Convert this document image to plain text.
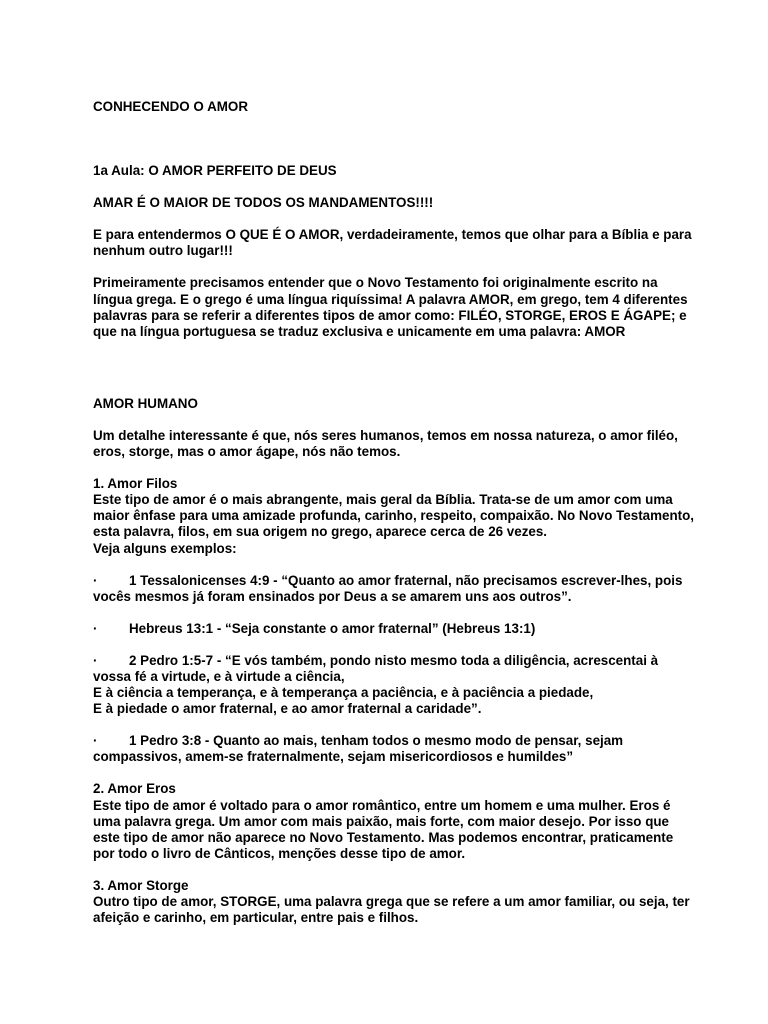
CONHECENDO O AMOR

1a Aula: O AMOR PERFEITO DE DEUS

AMAR É O MAIOR DE TODOS OS MANDAMENTOS!!!!

E para entendermos O QUE É O AMOR, verdadeiramente, temos que olhar para a Bíblia e para

nenhum outro lugar!!!

Primeiramente precisamos entender que o Novo Testamento foi originalmente escrito na

língua grega. E o grego é uma língua riquíssima! A palavra AMOR, em grego, tem 4 diferentes

palavras para se referir a diferentes tipos de amor como: FILÉO, STORGE, EROS E ÁGAPE; e

que na língua portuguesa se traduz exclusiva e unicamente em uma palavra: AMOR

AMOR HUMANO

Um detalhe interessante é que, nós seres humanos, temos em nossa natureza, o amor filéo,

eros, storge, mas o amor ágape, nós não temos.

1. Amor Filos

Este tipo de amor é o mais abrangente, mais geral da Bíblia. Trata-se de um amor com uma

maior ênfase para uma amizade profunda, carinho, respeito, compaixão. No Novo Testamento,

esta palavra, filos, em sua origem no grego, aparece cerca de 26 vezes.

Veja alguns exemplos:

· 1 Tessalonicenses 4:9 - “Quanto ao amor fraternal, não precisamos escrever-lhes, pois

vocês mesmos já foram ensinados por Deus a se amarem uns aos outros”.

· Hebreus 13:1 - “Seja constante o amor fraternal” (Hebreus 13:1)

· 2 Pedro 1:5-7 - “E vós também, pondo nisto mesmo toda a diligência, acrescentai à

vossa fé a virtude, e à virtude a ciência,

E à ciência a temperança, e à temperança a paciência, e à paciência a piedade,

E à piedade o amor fraternal, e ao amor fraternal a caridade”.

· 1 Pedro 3:8 - Quanto ao mais, tenham todos o mesmo modo de pensar, sejam

compassivos, amem-se fraternalmente, sejam misericordiosos e humildes”

2. Amor Eros

Este tipo de amor é voltado para o amor romântico, entre um homem e uma mulher. Eros é

uma palavra grega. Um amor com mais paixão, mais forte, com maior desejo. Por isso que

este tipo de amor não aparece no Novo Testamento. Mas podemos encontrar, praticamente

por todo o livro de Cânticos, menções desse tipo de amor.

3. Amor Storge

Outro tipo de amor, STORGE, uma palavra grega que se refere a um amor familiar, ou seja, ter

afeição e carinho, em particular, entre pais e filhos.
